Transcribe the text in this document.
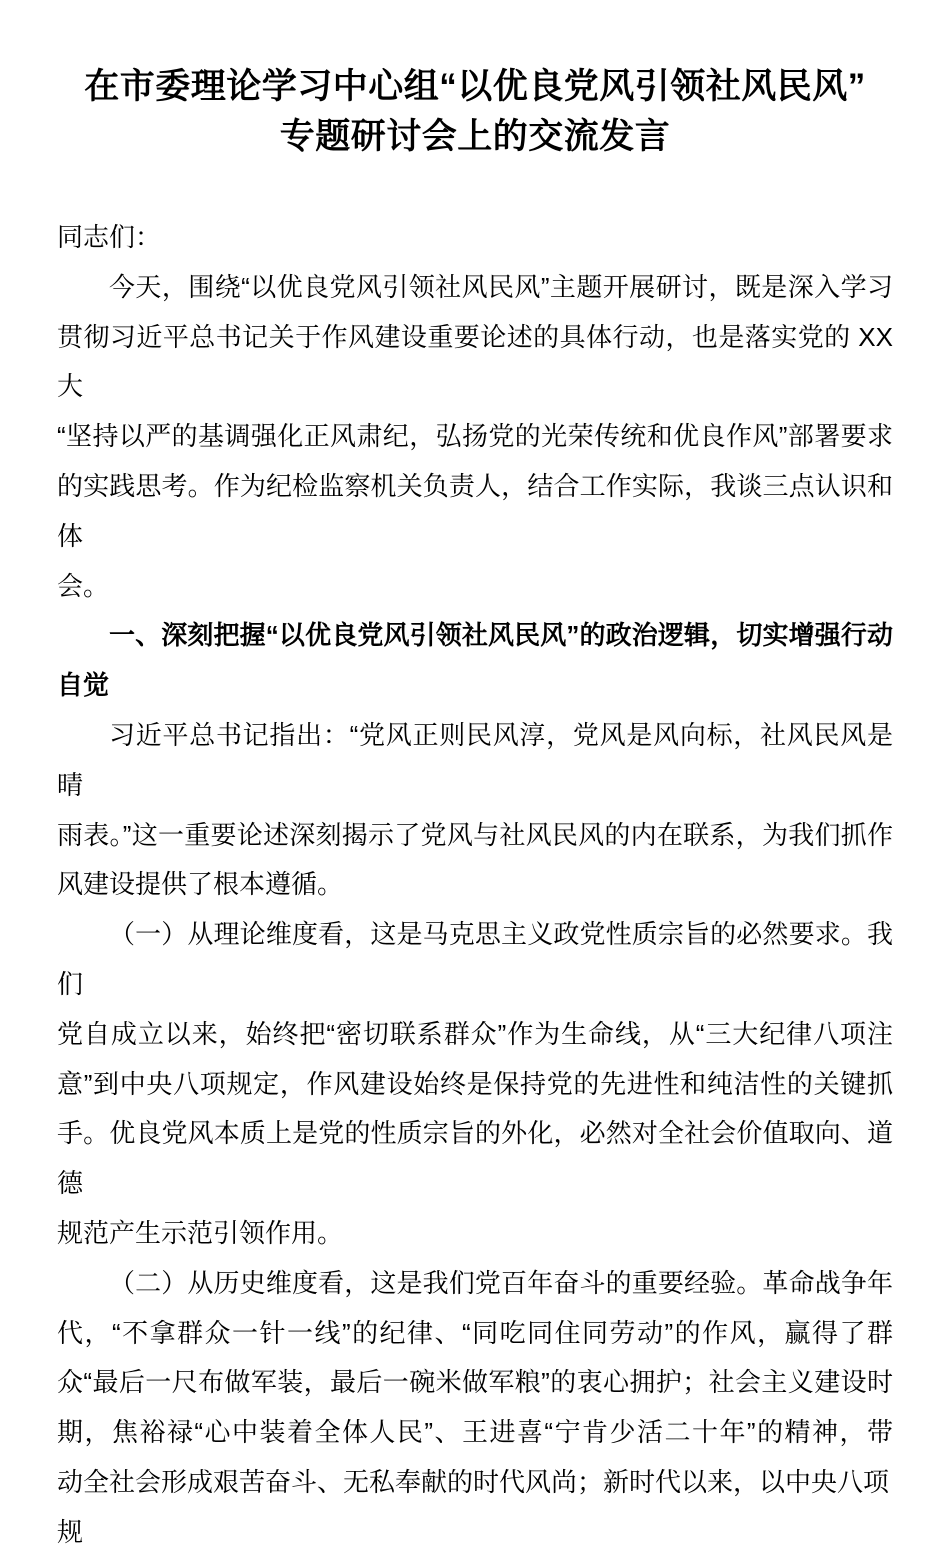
在市委理论学习中心组“以优良党风引领社风民风”
专题研讨会上的交流发言
同志们：
今天，围绕“以优良党风引领社风民风”主题开展研讨，既是深入学习
贯彻习近平总书记关于作风建设重要论述的具体行动，也是落实党的 XX 大
“坚持以严的基调强化正风肃纪，弘扬党的光荣传统和优良作风”部署要求
的实践思考。作为纪检监察机关负责人，结合工作实际，我谈三点认识和体
会。
一、深刻把握“以优良党风引领社风民风”的政治逻辑，切实增强行动
自觉
习近平总书记指出：“党风正则民风淳，党风是风向标，社风民风是晴
雨表。”这一重要论述深刻揭示了党风与社风民风的内在联系，为我们抓作
风建设提供了根本遵循。
（一）从理论维度看，这是马克思主义政党性质宗旨的必然要求。我们
党自成立以来，始终把“密切联系群众”作为生命线，从“三大纪律八项注
意”到中央八项规定，作风建设始终是保持党的先进性和纯洁性的关键抓
手。优良党风本质上是党的性质宗旨的外化，必然对全社会价值取向、道德
规范产生示范引领作用。
（二）从历史维度看，这是我们党百年奋斗的重要经验。革命战争年
代，“不拿群众一针一线”的纪律、“同吃同住同劳动”的作风，赢得了群
众“最后一尺布做军装，最后一碗米做军粮”的衷心拥护；社会主义建设时
期，焦裕禄“心中装着全体人民”、王进喜“宁肯少活二十年”的精神，带
动全社会形成艰苦奋斗、无私奉献的时代风尚；新时代以来，以中央八项规
